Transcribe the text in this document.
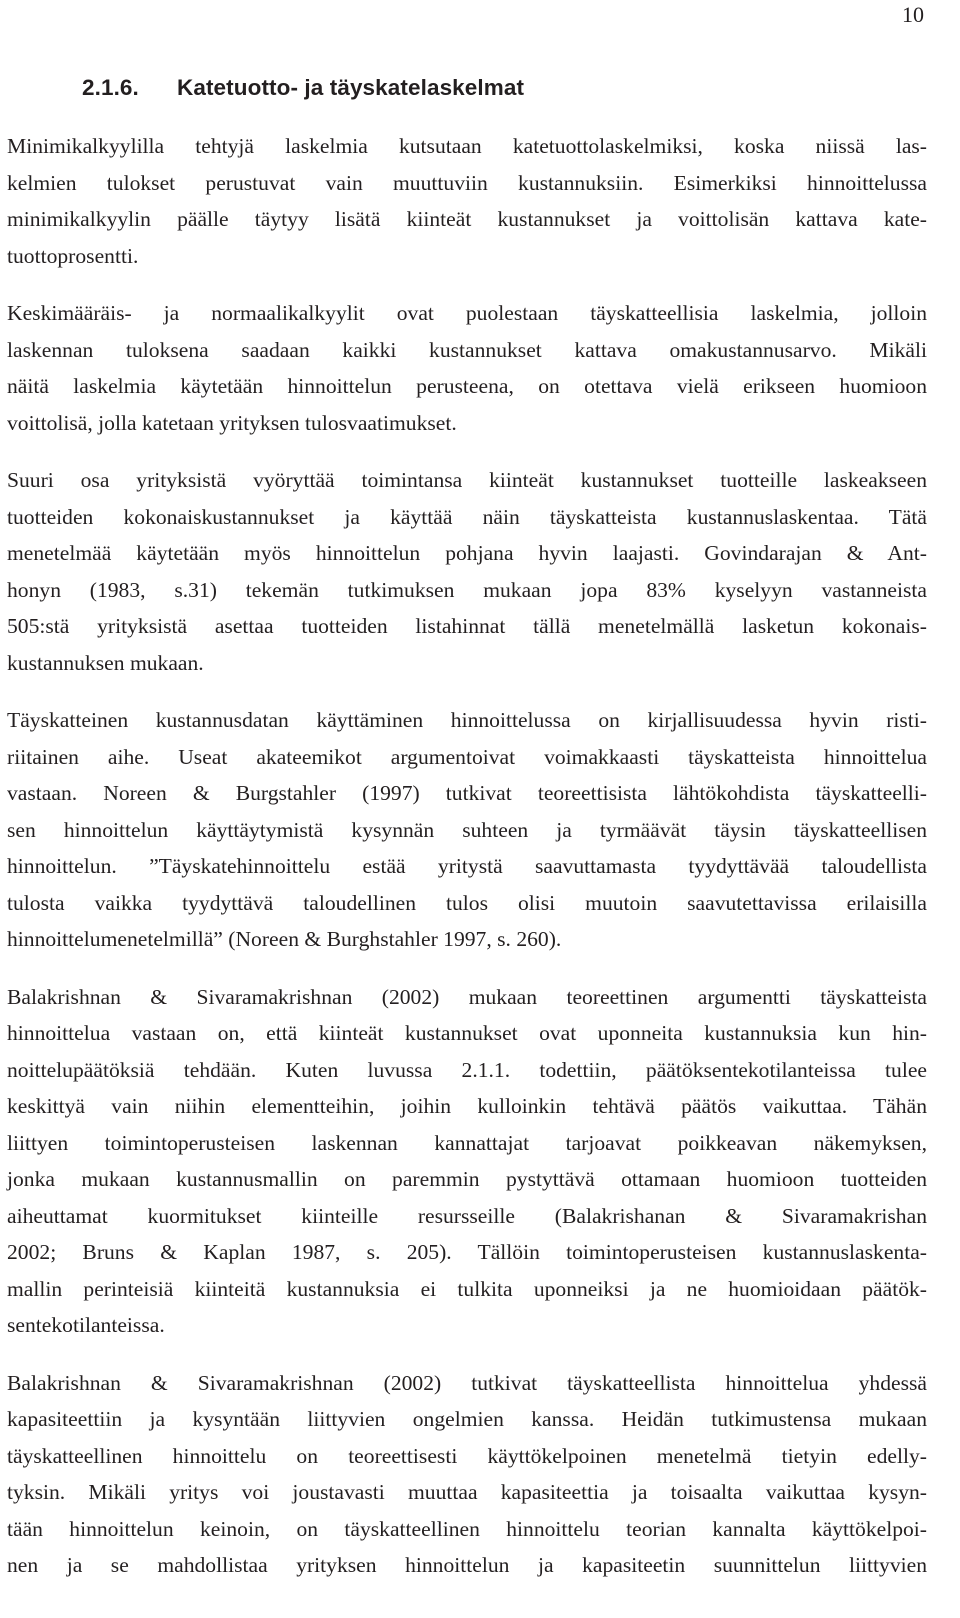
10
2.1.6. Katetuotto- ja täyskatelaskelmat

Minimikalkyylilla tehtyjä laskelmia kutsutaan katetuottolaskelmiksi, koska niissä las-
kelmien tulokset perustuvat vain muuttuviin kustannuksiin. Esimerkiksi hinnoittelussa
minimikalkyylin päälle täytyy lisätä kiinteät kustannukset ja voittolisän kattava kate-
tuottoprosentti.

Keskimääräis- ja normaalikalkyylit ovat puolestaan täyskatteellisia laskelmia, jolloin
laskennan tuloksena saadaan kaikki kustannukset kattava omakustannusarvo. Mikäli
näitä laskelmia käytetään hinnoittelun perusteena, on otettava vielä erikseen huomioon
voittolisä, jolla katetaan yrityksen tulosvaatimukset.

Suuri osa yrityksistä vyöryttää toimintansa kiinteät kustannukset tuotteille laskeakseen
tuotteiden kokonaiskustannukset ja käyttää näin täyskatteista kustannuslaskentaa. Tätä
menetelmää käytetään myös hinnoittelun pohjana hyvin laajasti. Govindarajan & Ant-
honyn (1983, s.31) tekemän tutkimuksen mukaan jopa 83% kyselyyn vastanneista
505:stä yrityksistä asettaa tuotteiden listahinnat tällä menetelmällä lasketun kokonais-
kustannuksen mukaan.

Täyskatteinen kustannusdatan käyttäminen hinnoittelussa on kirjallisuudessa hyvin risti-
riitainen aihe. Useat akateemikot argumentoivat voimakkaasti täyskatteista hinnoittelua
vastaan. Noreen & Burgstahler (1997) tutkivat teoreettisista lähtökohdista täyskatteelli-
sen hinnoittelun käyttäytymistä kysynnän suhteen ja tyrmäävät täysin täyskatteellisen
hinnoittelun. ”Täyskatehinnoittelu estää yritystä saavuttamasta tyydyttävää taloudellista
tulosta vaikka tyydyttävä taloudellinen tulos olisi muutoin saavutettavissa erilaisilla
hinnoittelumenetelmillä” (Noreen & Burghstahler 1997, s. 260).

Balakrishnan & Sivaramakrishnan (2002) mukaan teoreettinen argumentti täyskatteista
hinnoittelua vastaan on, että kiinteät kustannukset ovat uponneita kustannuksia kun hin-
noittelupäätöksiä tehdään. Kuten luvussa 2.1.1. todettiin, päätöksentekotilanteissa tulee
keskittyä vain niihin elementteihin, joihin kulloinkin tehtävä päätös vaikuttaa. Tähän
liittyen toimintoperusteisen laskennan kannattajat tarjoavat poikkeavan näkemyksen,
jonka mukaan kustannusmallin on paremmin pystyttävä ottamaan huomioon tuotteiden
aiheuttamat kuormitukset kiinteille resursseille (Balakrishanan & Sivaramakrishan
2002; Bruns & Kaplan 1987, s. 205). Tällöin toimintoperusteisen kustannuslaskenta-
mallin perinteisiä kiinteitä kustannuksia ei tulkita uponneiksi ja ne huomioidaan päätök-
sentekotilanteissa.

Balakrishnan & Sivaramakrishnan (2002) tutkivat täyskatteellista hinnoittelua yhdessä
kapasiteettiin ja kysyntään liittyvien ongelmien kanssa. Heidän tutkimustensa mukaan
täyskatteellinen hinnoittelu on teoreettisesti käyttökelpoinen menetelmä tietyin edelly-
tyksin. Mikäli yritys voi joustavasti muuttaa kapasiteettia ja toisaalta vaikuttaa kysyn-
tään hinnoittelun keinoin, on täyskatteellinen hinnoittelu teorian kannalta käyttökelpoi-
nen ja se mahdollistaa yrityksen hinnoittelun ja kapasiteetin suunnittelun liittyvien
